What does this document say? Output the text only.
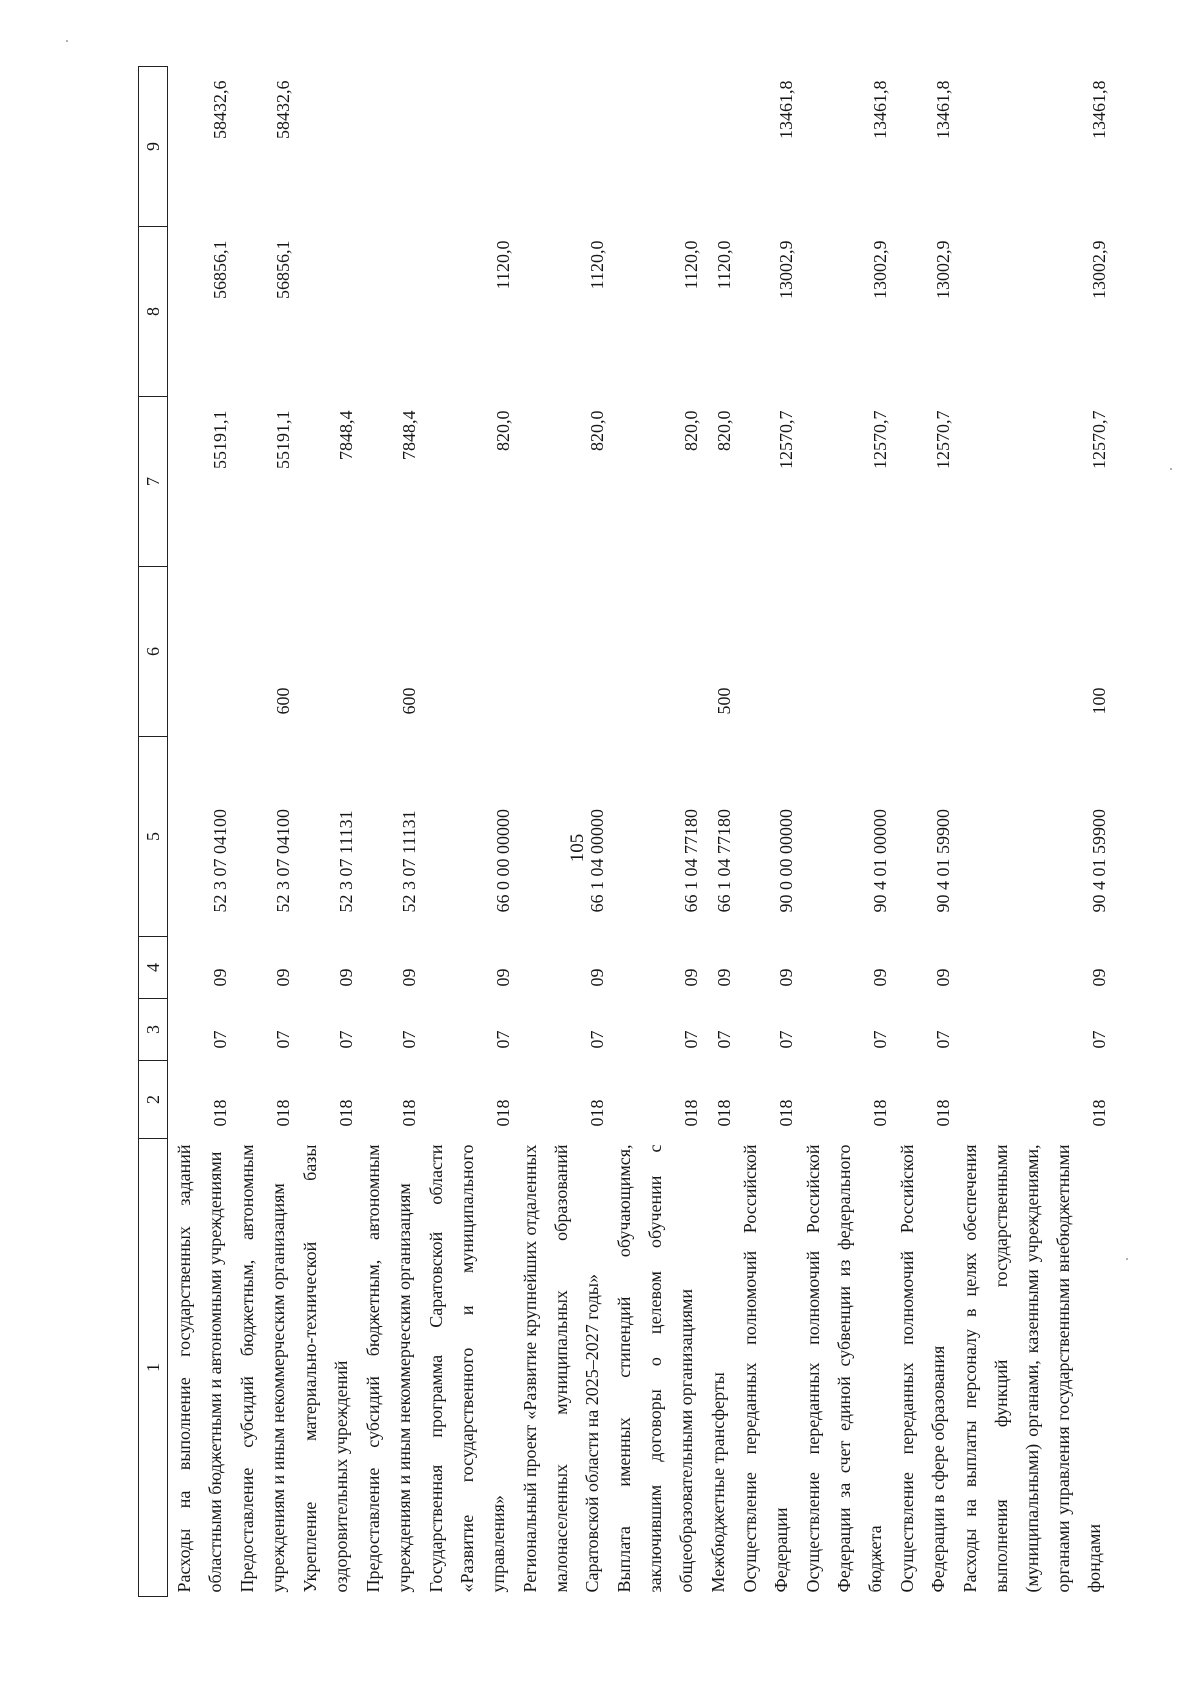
105
1	2	3	4	5	6	7	8	9
Расходы на выполнение государственных заданий областными бюджетными и автономными учреждениями	018	07	09	52 3 07 04100		55191,1	56856,1	58432,6
Предоставление субсидий бюджетным, автономным учреждениям и иным некоммерческим организациям	018	07	09	52 3 07 04100	600	55191,1	56856,1	58432,6
Укрепление материально-технической базы оздоровительных учреждений	018	07	09	52 3 07 11131		7848,4		
Предоставление субсидий бюджетным, автономным учреждениям и иным некоммерческим организациям	018	07	09	52 3 07 11131	600	7848,4		
Государственная программа Саратовской области «Развитие государственного и муниципального управления»	018	07	09	66 0 00 00000		820,0	1120,0	
Региональный проект «Развитие крупнейших отдаленных малонаселенных муниципальных образований Саратовской области на 2025–2027 годы»	018	07	09	66 1 04 00000		820,0	1120,0	
Выплата именных стипендий обучающимся, заключившим договоры о целевом обучении с общеобразовательными организациями	018	07	09	66 1 04 77180		820,0	1120,0	
Межбюджетные трансферты	018	07	09	66 1 04 77180	500	820,0	1120,0	
Осуществление переданных полномочий Российской Федерации	018	07	09	90 0 00 00000		12570,7	13002,9	13461,8
Осуществление переданных полномочий Российской Федерации за счет единой субвенции из федерального бюджета	018	07	09	90 4 01 00000		12570,7	13002,9	13461,8
Осуществление переданных полномочий Российской Федерации в сфере образования	018	07	09	90 4 01 59900		12570,7	13002,9	13461,8
Расходы на выплаты персоналу в целях обеспечения выполнения функций государственными (муниципальными) органами, казенными учреждениями, органами управления государственными внебюджетными фондами	018	07	09	90 4 01 59900	100	12570,7	13002,9	13461,8
